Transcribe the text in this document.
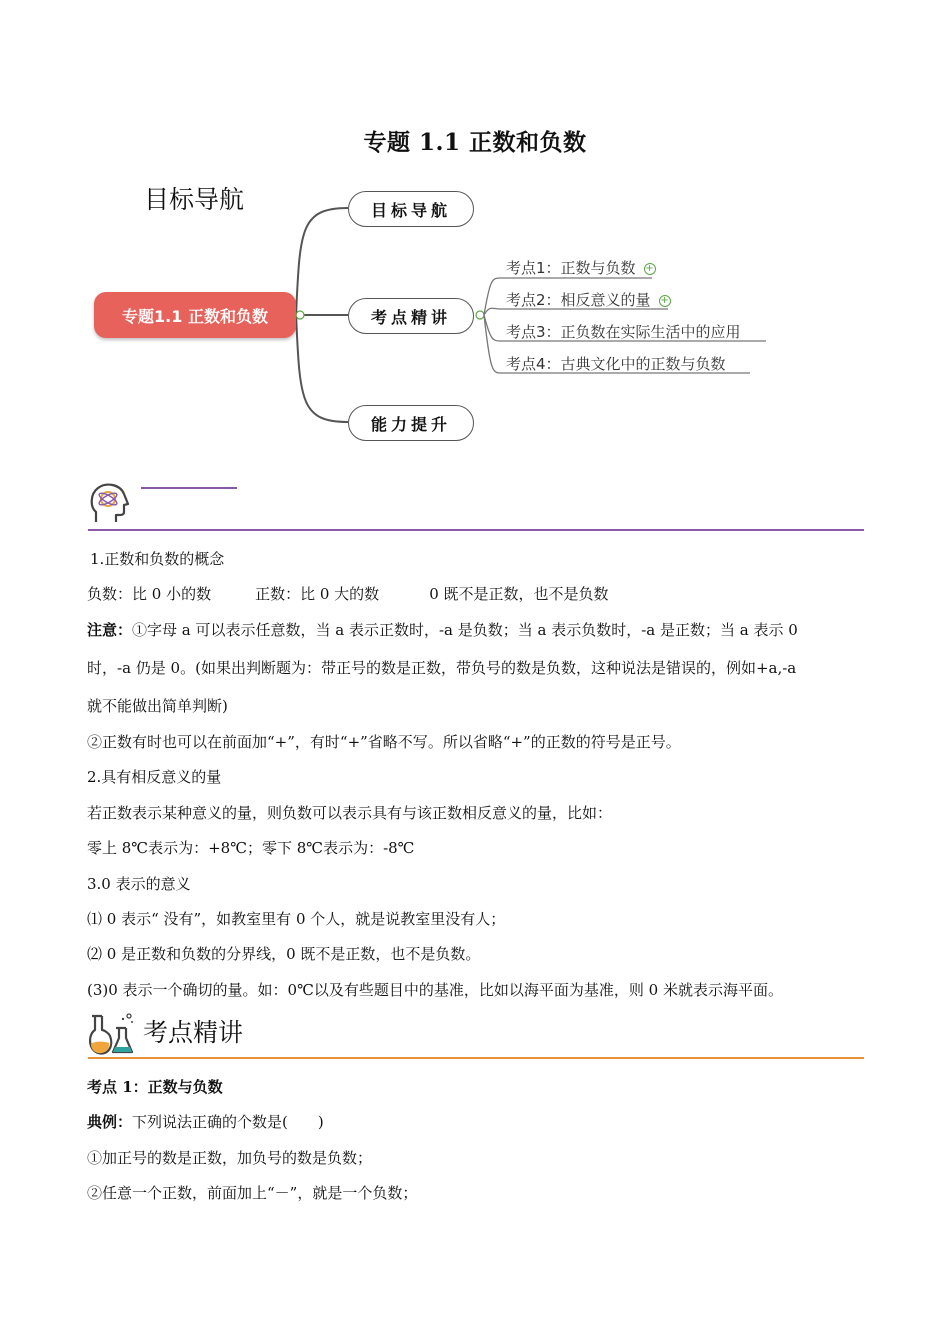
专题 1.1 正数和负数
目标导航
专题1.1 正数和负数
目标导航
考点精讲
能力提升
考点1：正数与负数 +
考点2：相反意义的量 +
考点3：正负数在实际生活中的应用
考点4：古典文化中的正数与负数
1.正数和负数的概念
负数：比 0 小的数	正数：比 0 大的数	0 既不是正数，也不是负数
注意：①字母 a 可以表示任意数，当 a 表示正数时，-a 是负数；当 a 表示负数时，-a 是正数；当 a 表示 0
时，-a 仍是 0。(如果出判断题为：带正号的数是正数，带负号的数是负数，这种说法是错误的，例如+a,-a
就不能做出简单判断)
②正数有时也可以在前面加“+”，有时“+”省略不写。所以省略“+”的正数的符号是正号。
2.具有相反意义的量
若正数表示某种意义的量，则负数可以表示具有与该正数相反意义的量，比如：
零上 8℃表示为：+8℃；零下 8℃表示为：-8℃
3.0 表示的意义
⑴ 0 表示“ 没有”，如教室里有 0 个人，就是说教室里没有人；
⑵ 0 是正数和负数的分界线，0 既不是正数，也不是负数。
(3)0 表示一个确切的量。如：0℃以及有些题目中的基准，比如以海平面为基准，则 0 米就表示海平面。
考点精讲
考点 1：正数与负数
典例：下列说法正确的个数是(　　)
①加正号的数是正数，加负号的数是负数；
②任意一个正数，前面加上“－”，就是一个负数；
